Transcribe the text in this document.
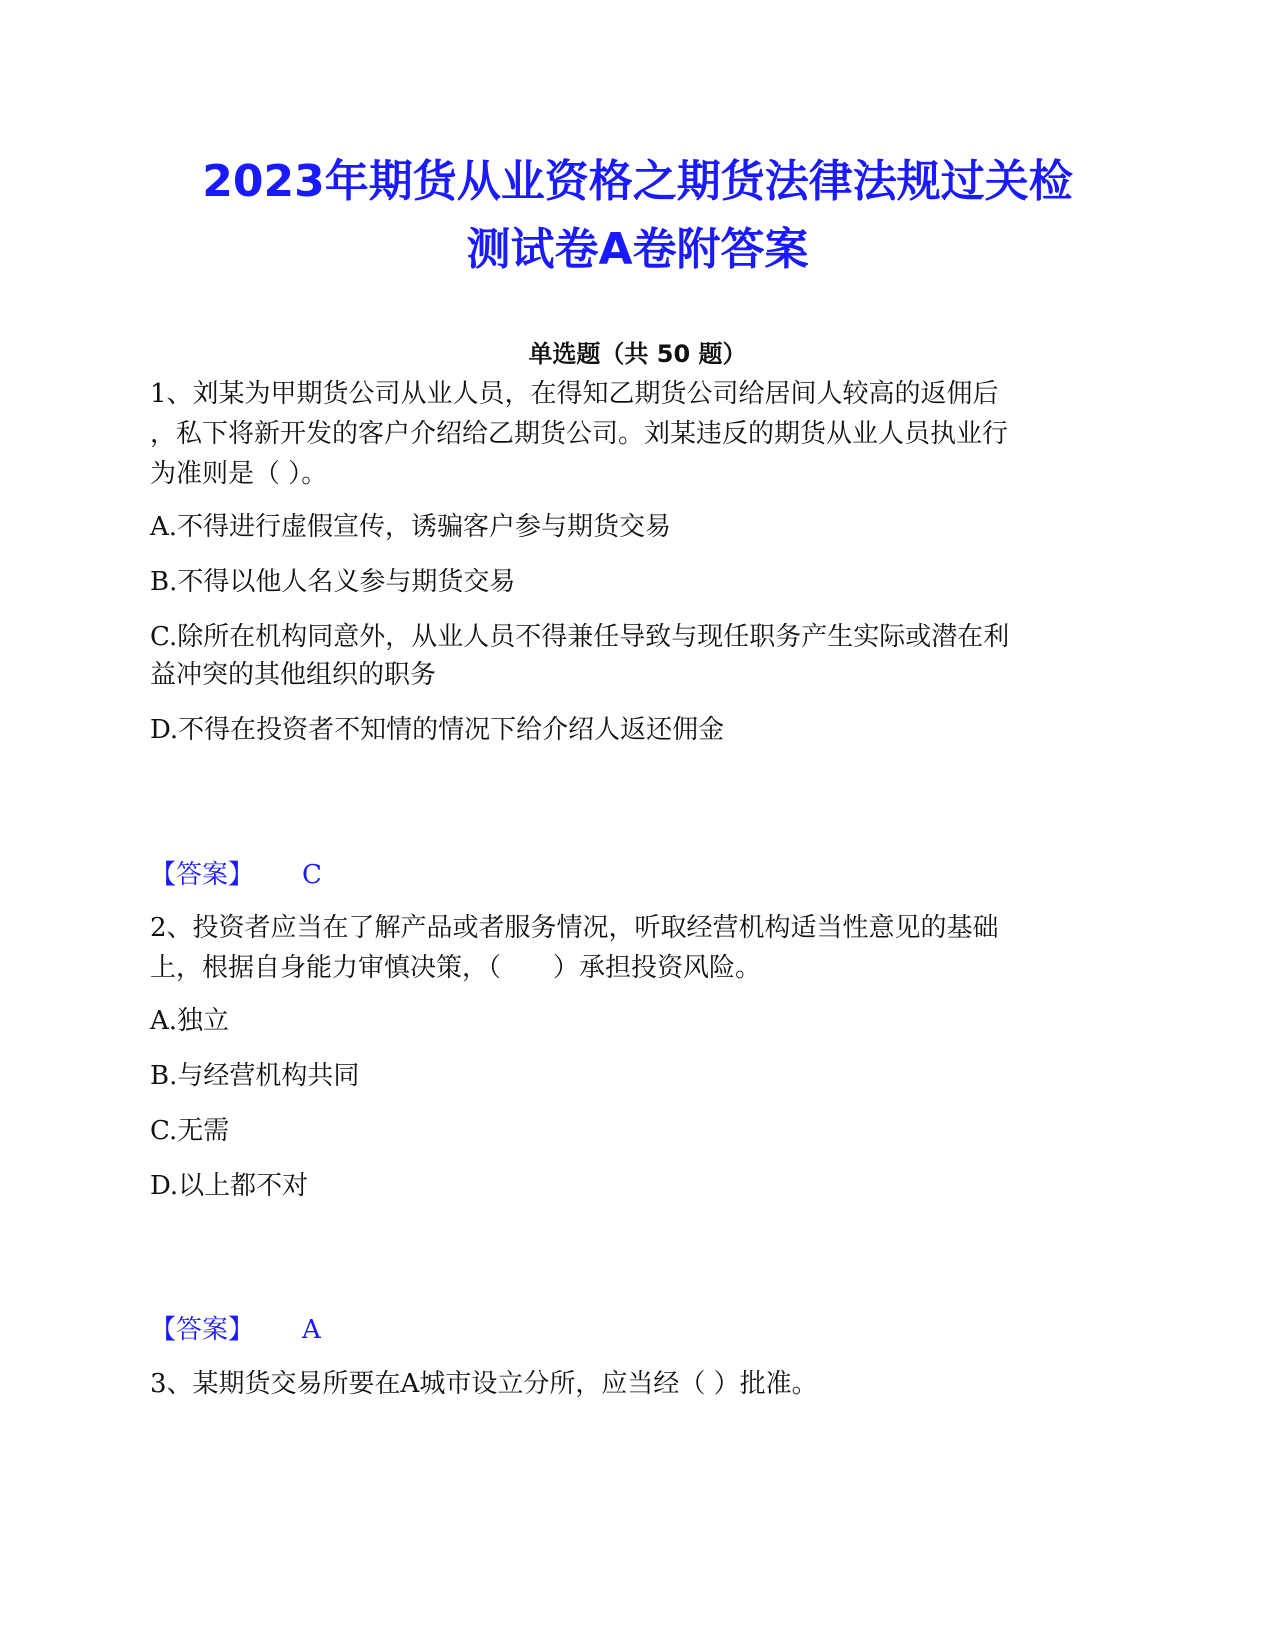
2023年期货从业资格之期货法律法规过关检
测试卷A卷附答案
单选题（共 50 题）

1、刘某为甲期货公司从业人员，在得知乙期货公司给居间人较高的返佣后

，私下将新开发的客户介绍给乙期货公司。刘某违反的期货从业人员执业行

为准则是（ ）。

A.不得进行虚假宣传，诱骗客户参与期货交易

B.不得以他人名义参与期货交易

C.除所在机构同意外，从业人员不得兼任导致与现任职务产生实际或潜在利

益冲突的其他组织的职务

D.不得在投资者不知情的情况下给介绍人返还佣金

【答案】 C

2、投资者应当在了解产品或者服务情况，听取经营机构适当性意见的基础

上，根据自身能力审慎决策，（　　）承担投资风险。

A.独立

B.与经营机构共同

C.无需

D.以上都不对

【答案】 A

3、某期货交易所要在A城市设立分所，应当经（ ）批准。
